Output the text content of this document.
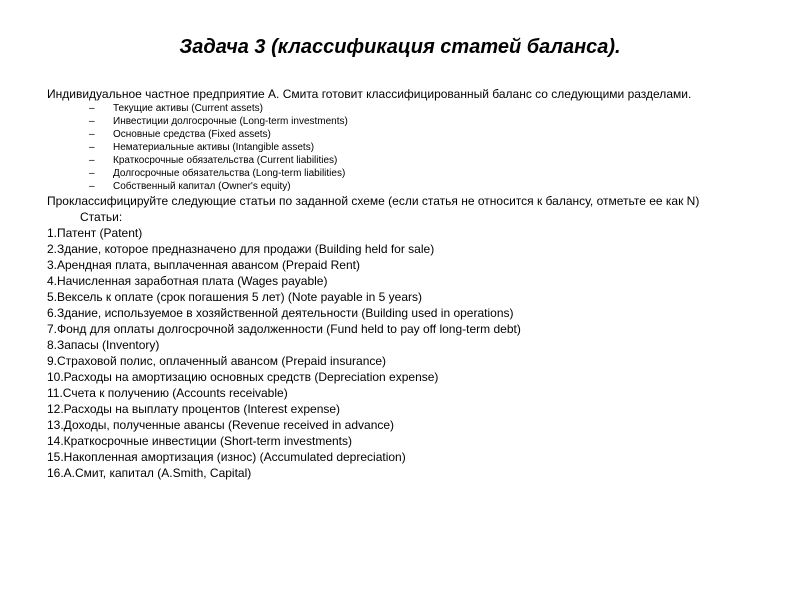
Задача 3 (классификация статей баланса).

Индивидуальное частное предприятие А. Смита готовит классифицированный баланс со следующими разделами.

– Текущие активы (Current assets)
– Инвестиции долгосрочные (Long-term investments)
– Основные средства (Fixed assets)
– Нематериальные активы (Intangible assets)
– Краткосрочные обязательства (Current liabilities)
– Долгосрочные обязательства (Long-term liabilities)
– Собственный капитал (Owner's equity)

Проклассифицируйте следующие статьи по заданной схеме (если статья не относится к балансу, отметьте ее как N)

Статьи:

1.Патент (Patent)
2.Здание, которое предназначено для продажи (Building held for sale)
3.Арендная плата, выплаченная авансом (Prepaid Rent)
4.Начисленная заработная плата (Wages payable)
5.Вексель к оплате (срок погашения 5 лет) (Note payable in 5 years)
6.Здание, используемое в хозяйственной деятельности (Building used in operations)
7.Фонд для оплаты долгосрочной задолженности (Fund held to pay off long-term debt)
8.Запасы (Inventory)
9.Страховой полис, оплаченный авансом (Prepaid insurance)
10.Расходы на амортизацию основных средств (Depreciation expense)
11.Счета к получению (Accounts receivable)
12.Расходы на выплату процентов (Interest expense)
13.Доходы, полученные авансы (Revenue received in advance)
14.Краткосрочные инвестиции (Short-term investments)
15.Накопленная амортизация (износ) (Accumulated depreciation)
16.А.Смит, капитал (A.Smith, Capital)
